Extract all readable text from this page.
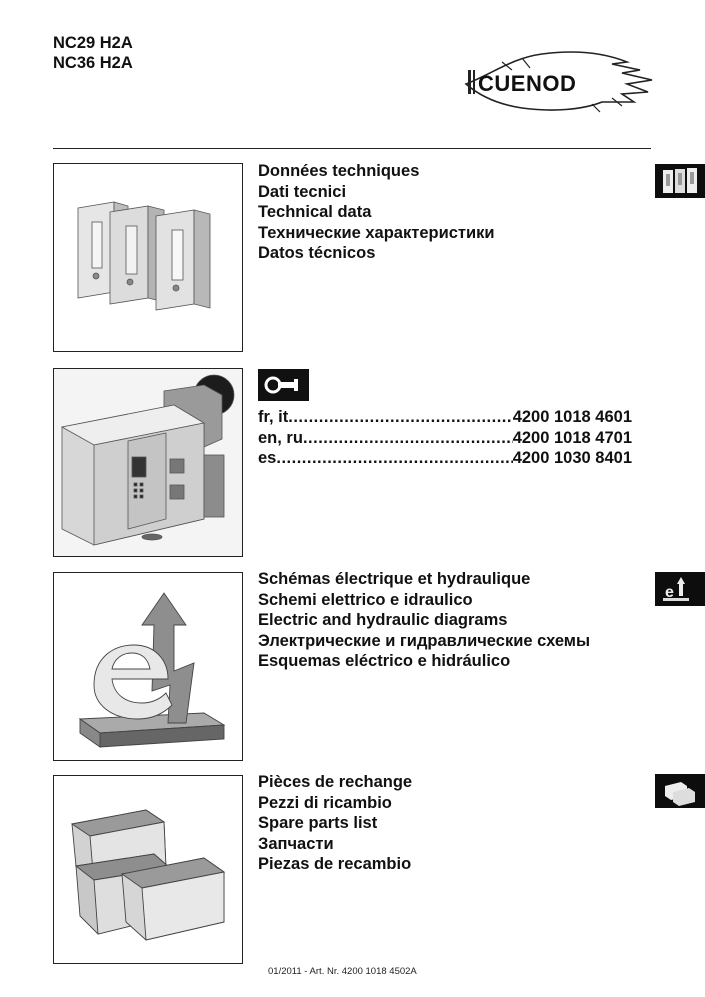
NC29 H2A
NC36 H2A
CUENOD
Données techniques
Dati tecnici
Technical data
Технические характеристики
Datos técnicos
fr, it .....	4200 1018 4601
en, ru .....	4200 1018 4701
es .....	4200 1030 8401
Schémas électrique et hydraulique
Schemi elettrico e idraulico
Electric and hydraulic diagrams
Электрические и гидравлические схемы
Esquemas eléctrico e hidráulico
e
Pièces de rechange
Pezzi di ricambio
Spare parts list
Запчасти
Piezas de recambio
01/2011 - Art. Nr. 4200 1018 4502A
